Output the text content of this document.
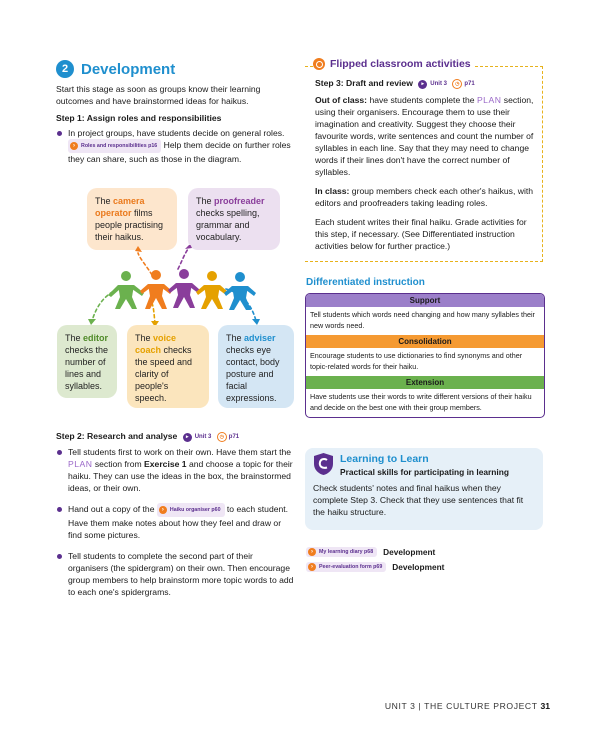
2 Development
Start this stage as soon as groups know their learning outcomes and have brainstormed ideas for haikus.
Step 1: Assign roles and responsibilities
In project groups, have students decide on general roles.
›	Roles and responsibilities p16 Help them decide on further roles they can share, such as those in the diagram.
The camera operator films people practising their haikus.
The proofreader checks spelling, grammar and vocabulary.
The editor checks the number of lines and syllables.
The voice coach checks the speed and clarity of people's speech.
The adviser checks eye contact, body posture and facial expressions.
Step 2: Research and analyse	▸	Unit 3
	◷ p71
Tell students first to work on their own. Have them start the PLAN section from Exercise 1 and choose a topic for their haiku. They can use the ideas in the box, the brainstormed ideas, or their own.
Hand out a copy of the	›	Haiku organiser p60 to each student. Have them make notes about how they feel and draw or find some pictures.
Tell students to complete the second part of their organisers (the spidergram) on their own. Then encourage group members to help brainstorm more topic words to add to each one's spidergrams.
Flipped classroom activities
Step 3: Draft and review	▸	Unit 3
	◷ p71

Out of class: have students complete the PLAN section, using their organisers. Encourage them to use their imagination and creativity. Suggest they choose their favourite words, write sentences and count the number of syllables in each line. Say that they may need to change words if their lines don't have the correct number of syllables.

In class: group members check each other's haikus, with editors and proofreaders taking leading roles.

Each student writes their final haiku. Grade activities for this step, if necessary. (See Differentiated instruction activities below for further practice.)

Differentiated instruction
Support
Tell students which words need changing and how many syllables their new words need.
Consolidation
Encourage students to use dictionaries to find synonyms and other topic-related words for their haiku.
Extension
Have students use their words to write different versions of their haiku and decide on the best one with their group members.
Learning to Learn
Practical skills for participating in learning
Check students' notes and final haikus when they complete Step 3. Check that they use sentences that fit the haiku structure.
›	My learning diary p68 Development
›	Peer-evaluation form p69 Development
UNIT 3 | THE CULTURE PROJECT 31
